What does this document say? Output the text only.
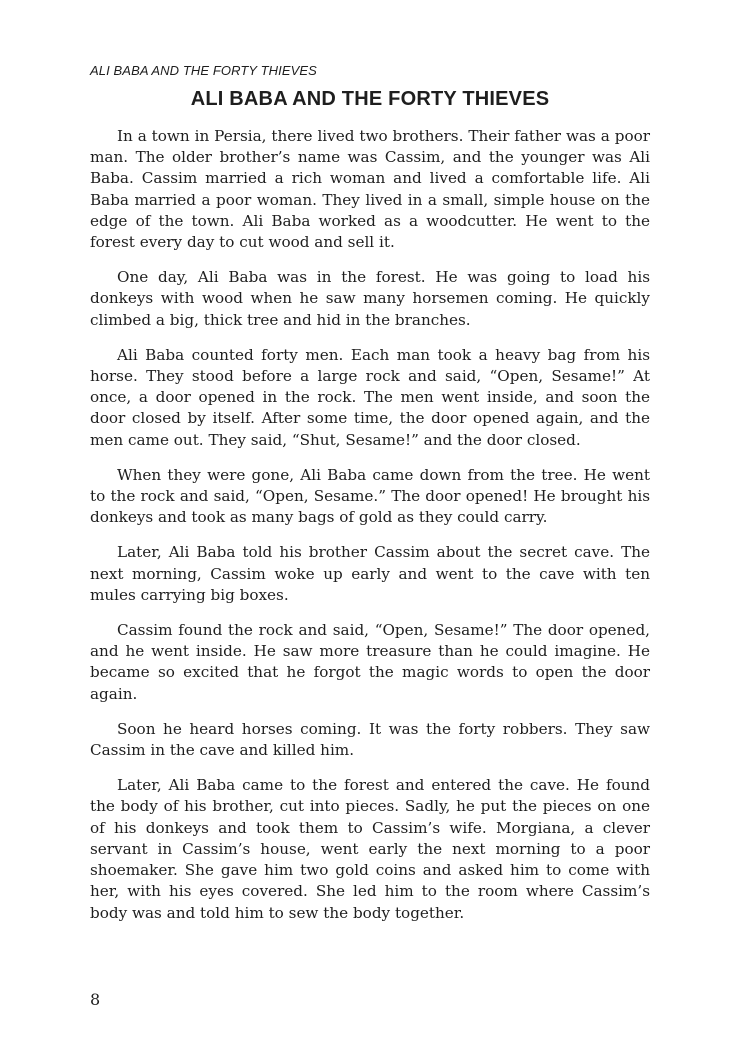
ALI BABA AND THE FORTY THIEVES
ALI BABA AND THE FORTY THIEVES

In a town in Persia, there lived two brothers. Their father was a poor man. The older brother’s name was Cassim, and the younger was Ali Baba. Cassim married a rich woman and lived a comfortable life. Ali Baba married a poor woman. They lived in a small, simple house on the edge of the town. Ali Baba worked as a woodcutter. He went to the forest every day to cut wood and sell it.

One day, Ali Baba was in the forest. He was going to load his donkeys with wood when he saw many horsemen coming. He quickly climbed a big, thick tree and hid in the branches.

Ali Baba counted forty men. Each man took a heavy bag from his horse. They stood before a large rock and said, “Open, Sesame!” At once, a door opened in the rock. The men went inside, and soon the door closed by itself. After some time, the door opened again, and the men came out. They said, “Shut, Sesame!” and the door closed.

When they were gone, Ali Baba came down from the tree. He went to the rock and said, “Open, Sesame.” The door opened! He brought his donkeys and took as many bags of gold as they could carry.

Later, Ali Baba told his brother Cassim about the secret cave. The next morning, Cassim woke up early and went to the cave with ten mules carrying big boxes.

Cassim found the rock and said, “Open, Sesame!” The door opened, and he went inside. He saw more treasure than he could imagine. He became so excited that he forgot the magic words to open the door again.

Soon he heard horses coming. It was the forty robbers. They saw Cassim in the cave and killed him.

Later, Ali Baba came to the forest and entered the cave. He found the body of his brother, cut into pieces. Sadly, he put the pieces on one of his donkeys and took them to Cassim’s wife. Morgiana, a clever servant in Cassim’s house, went early the next morning to a poor shoemaker. She gave him two gold coins and asked him to come with her, with his eyes covered. She led him to the room where Cassim’s body was and told him to sew the body together.

8
